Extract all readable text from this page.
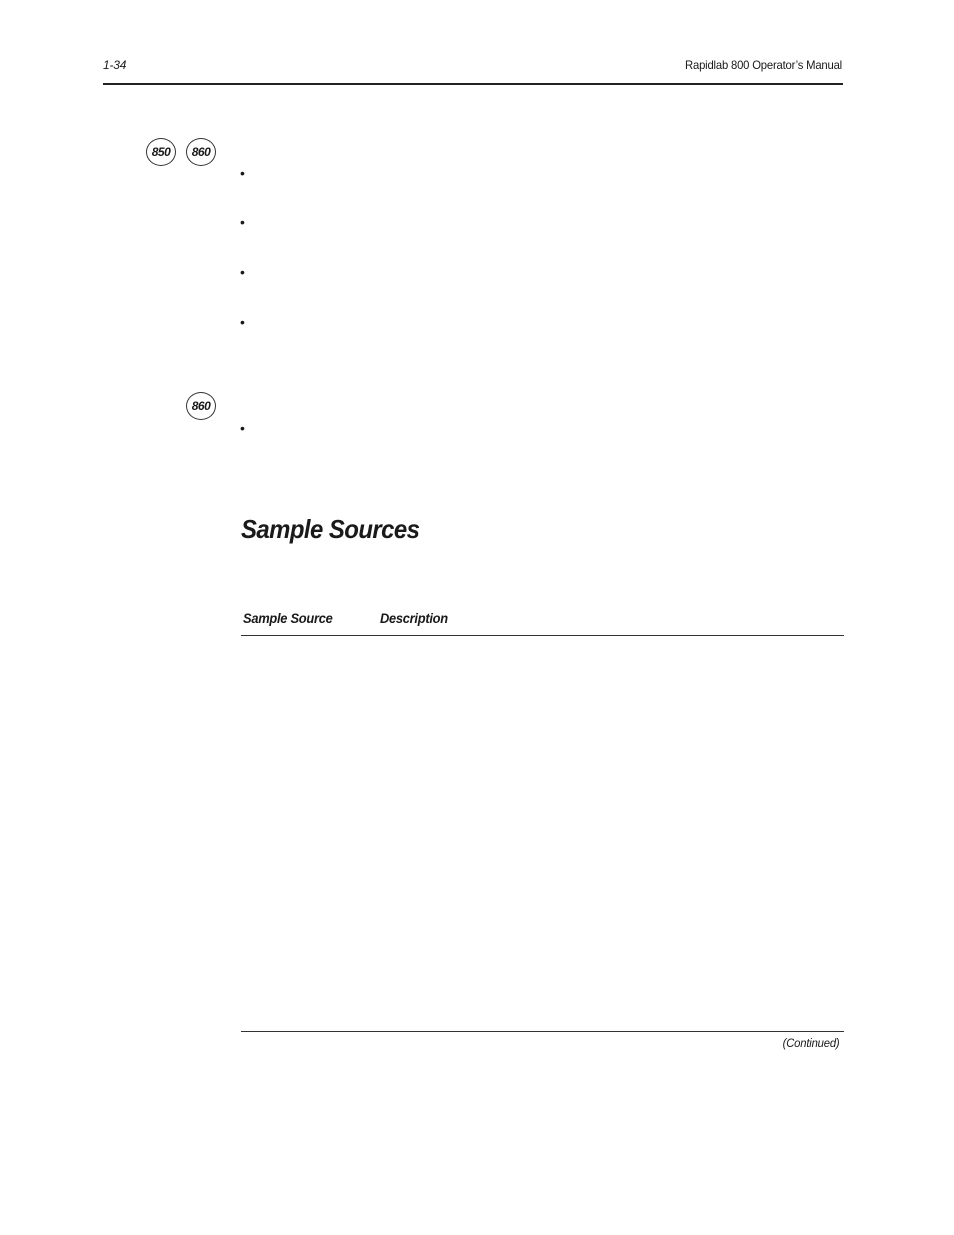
1-34	Rapidlab 800 Operator’s Manual
850	860
•
•
•
•
860
•
Sample Sources
Sample Source	Description
(Continued)
